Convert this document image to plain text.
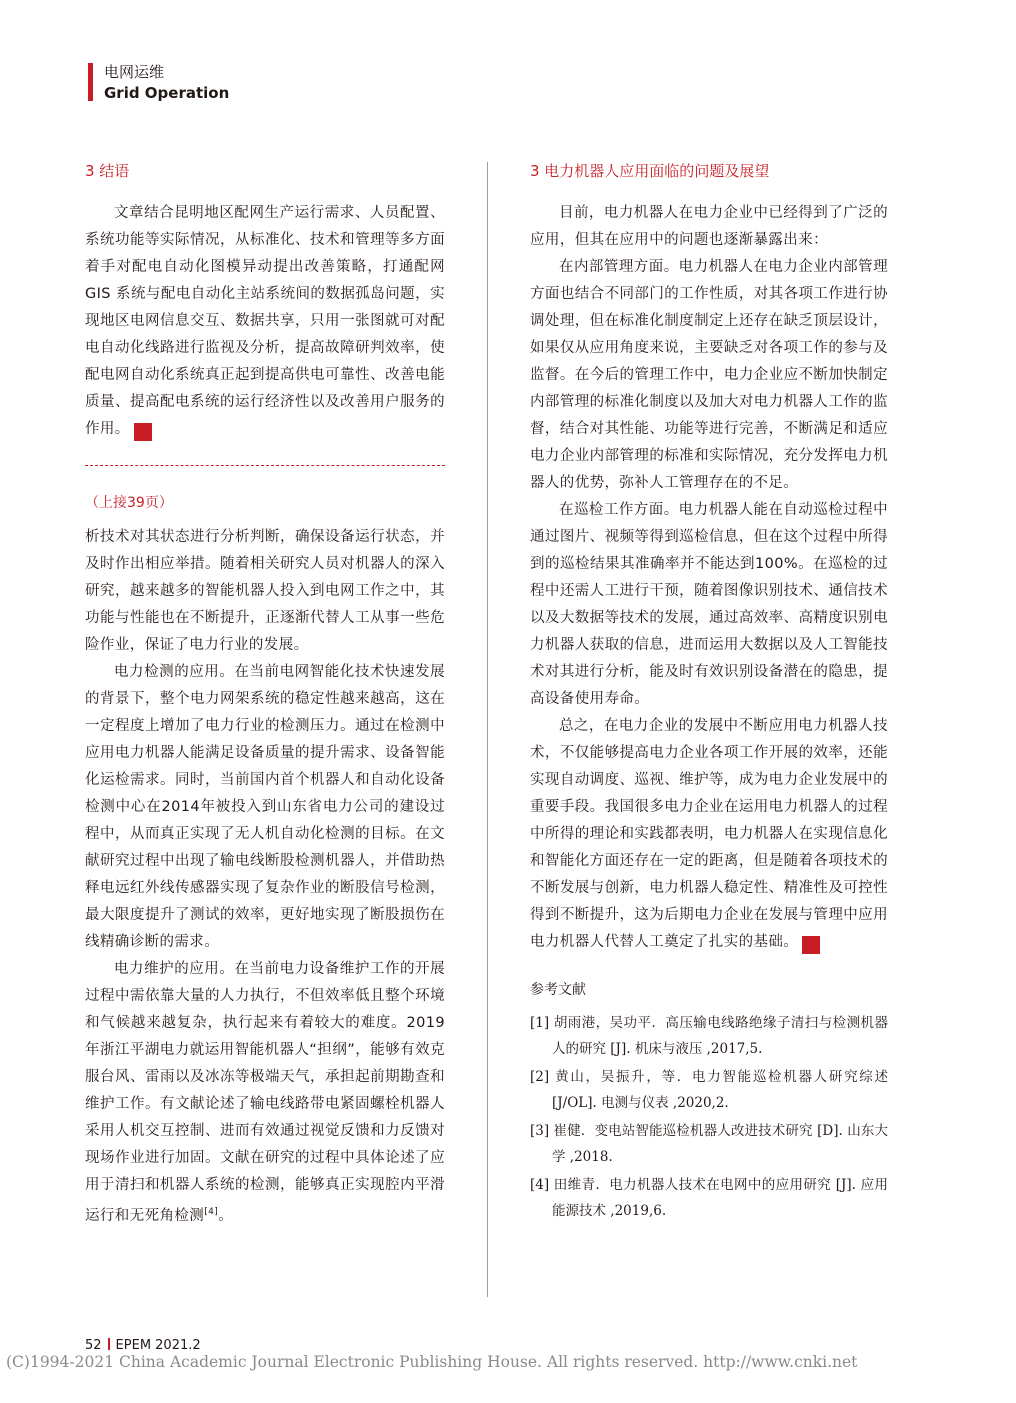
电网运维
Grid Operation
3 结语

文章结合昆明地区配网生产运行需求、人员配置、系统功能等实际情况，从标准化、技术和管理等多方面着手对配电自动化图模异动提出改善策略，打通配网 GIS 系统与配电自动化主站系统间的数据孤岛问题，实现地区电网信息交互、数据共享，只用一张图就可对配电自动化线路进行监视及分析，提高故障研判效率，使配电网自动化系统真正起到提高供电可靠性、改善电能质量、提高配电系统的运行经济性以及改善用户服务的作用。	★

（上接39页）

析技术对其状态进行分析判断，确保设备运行状态，并及时作出相应举措。随着相关研究人员对机器人的深入研究，越来越多的智能机器人投入到电网工作之中，其功能与性能也在不断提升，正逐渐代替人工从事一些危险作业，保证了电力行业的发展。

电力检测的应用。在当前电网智能化技术快速发展的背景下，整个电力网架系统的稳定性越来越高，这在一定程度上增加了电力行业的检测压力。通过在检测中应用电力机器人能满足设备质量的提升需求、设备智能化运检需求。同时，当前国内首个机器人和自动化设备检测中心在2014年被投入到山东省电力公司的建设过程中，从而真正实现了无人机自动化检测的目标。在文献研究过程中出现了输电线断股检测机器人，并借助热释电远红外线传感器实现了复杂作业的断股信号检测，最大限度提升了测试的效率，更好地实现了断股损伤在线精确诊断的需求。

电力维护的应用。在当前电力设备维护工作的开展过程中需依靠大量的人力执行，不但效率低且整个环境和气候越来越复杂，执行起来有着较大的难度。2019年浙江平湖电力就运用智能机器人“担纲”，能够有效克服台风、雷雨以及冰冻等极端天气，承担起前期勘查和维护工作。有文献论述了输电线路带电紧固螺栓机器人采用人机交互控制、进而有效通过视觉反馈和力反馈对现场作业进行加固。文献在研究的过程中具体论述了应用于清扫和机器人系统的检测，能够真正实现腔内平滑运行和无死角检测[4]。

3 电力机器人应用面临的问题及展望

目前，电力机器人在电力企业中已经得到了广泛的应用，但其在应用中的问题也逐渐暴露出来：

在内部管理方面。电力机器人在电力企业内部管理方面也结合不同部门的工作性质，对其各项工作进行协调处理，但在标准化制度制定上还存在缺乏顶层设计，如果仅从应用角度来说，主要缺乏对各项工作的参与及监督。在今后的管理工作中，电力企业应不断加快制定内部管理的标准化制度以及加大对电力机器人工作的监督，结合对其性能、功能等进行完善，不断满足和适应电力企业内部管理的标准和实际情况，充分发挥电力机器人的优势，弥补人工管理存在的不足。

在巡检工作方面。电力机器人能在自动巡检过程中通过图片、视频等得到巡检信息，但在这个过程中所得到的巡检结果其准确率并不能达到100%。在巡检的过程中还需人工进行干预，随着图像识别技术、通信技术以及大数据等技术的发展，通过高效率、高精度识别电力机器人获取的信息，进而运用大数据以及人工智能技术对其进行分析，能及时有效识别设备潜在的隐患，提高设备使用寿命。

总之，在电力企业的发展中不断应用电力机器人技术，不仅能够提高电力企业各项工作开展的效率，还能实现自动调度、巡视、维护等，成为电力企业发展中的重要手段。我国很多电力企业在运用电力机器人的过程中所得的理论和实践都表明，电力机器人在实现信息化和智能化方面还存在一定的距离，但是随着各项技术的不断发展与创新，电力机器人稳定性、精准性及可控性得到不断提升，这为后期电力企业在发展与管理中应用电力机器人代替人工奠定了扎实的基础。	★

参考文献

[1] 胡雨港，吴功平．高压输电线路绝缘子清扫与检测机器人的研究 [J]. 机床与液压 ,2017,5.

[2] 黄山，吴振升，等．电力智能巡检机器人研究综述 [J/OL]. 电测与仪表 ,2020,2.

[3] 崔健．变电站智能巡检机器人改进技术研究 [D]. 山东大学 ,2018.

[4] 田维青．电力机器人技术在电网中的应用研究 [J]. 应用能源技术 ,2019,6.

52 EPEM 2021.2
(C)1994-2021 China Academic Journal Electronic Publishing House. All rights reserved. http://www.cnki.net
